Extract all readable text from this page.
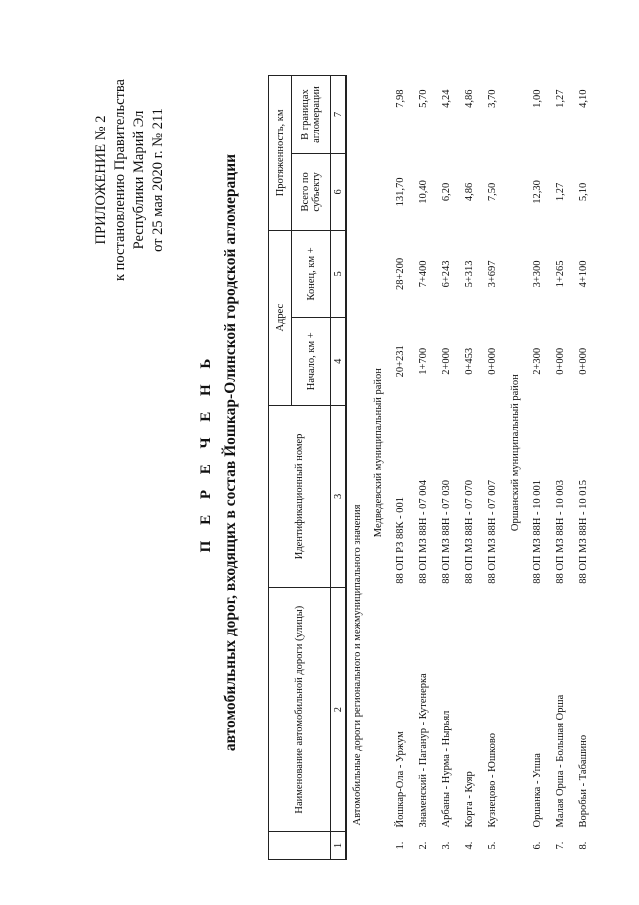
ПРИЛОЖЕНИЕ № 2 к постановлению Правительства Республики Марий Эл от 25 мая 2020 г. № 211
П Е Р Е Ч Е Н Ь автомобильных дорог, входящих в состав Йошкар-Олинской городской агломерации
		Наименование автомобильной дороги (улицы)	Идентификационный номер	Адрес		Протяженность, км	
			Начало, км +	Конец, км +	Всего по субъекту	В границах агломерации
1	2	3	4	5	6	7
	Автомобильные дороги регионального и межмуниципального значения					
		Медведевский муниципальный район				
1.	Йошкар-Ола - Уржум	88 ОП РЗ 88К - 001	20+231	28+200	131,70	7,98
2.	Знаменский - Пагануp - Кутенерка	88 ОП МЗ 88Н - 07 004	1+700	7+400	10,40	5,70
3.	Арбаны - Нурма - Нырьял	88 ОП МЗ 88Н - 07 030	2+000	6+243	6,20	4,24
4.	Корта - Куяр	88 ОП МЗ 88Н - 07 070	0+453	5+313	4,86	4,86
5.	Кузнецово - Юшково	88 ОП МЗ 88Н - 07 007	0+000	3+697	7,50	3,70
		Оршанский муниципальный район				
6.	Оршанка - Упша	88 ОП МЗ 88Н - 10 001	2+300	3+300	12,30	1,00
7.	Малая Орша - Большая Орша	88 ОП МЗ 88Н - 10 003	0+000	1+265	1,27	1,27
8.	Воробьи - Табашино	88 ОП МЗ 88Н - 10 015	0+000	4+100	5,10	4,10
